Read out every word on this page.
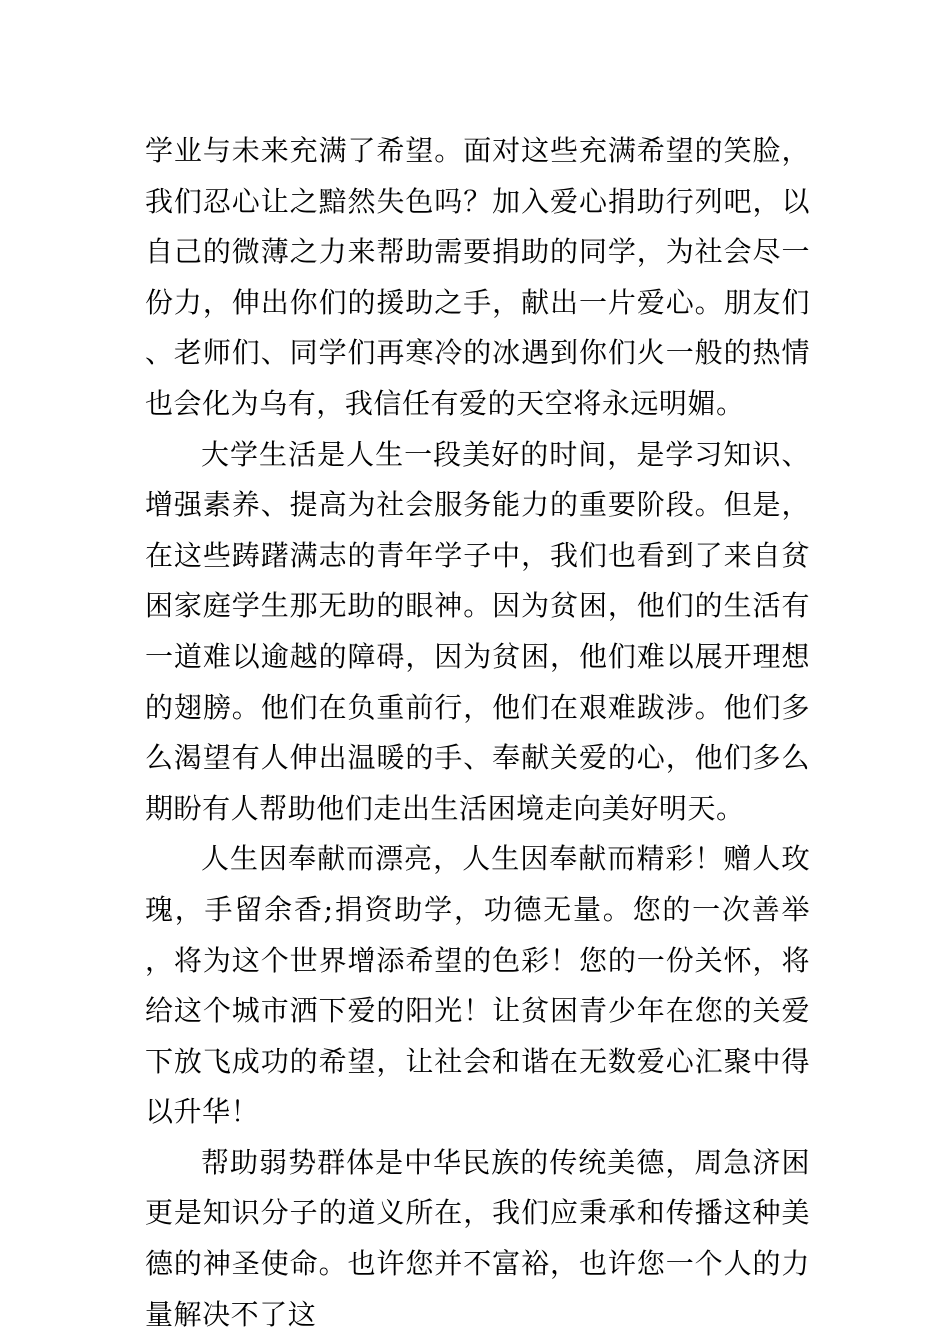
学业与未来充满了希望。面对这些充满希望的笑脸，我们忍心让之黯然失色吗？加入爱心捐助行列吧，以自己的微薄之力来帮助需要捐助的同学，为社会尽一份力，伸出你们的援助之手，献出一片爱心。朋友们、老师们、同学们再寒冷的冰遇到你们火一般的热情也会化为乌有，我信任有爱的天空将永远明媚。

大学生活是人生一段美好的时间，是学习知识、增强素养、提高为社会服务能力的重要阶段。但是，在这些踌躇满志的青年学子中，我们也看到了来自贫困家庭学生那无助的眼神。因为贫困，他们的生活有一道难以逾越的障碍，因为贫困，他们难以展开理想的翅膀。他们在负重前行，他们在艰难跋涉。他们多么渴望有人伸出温暖的手、奉献关爱的心，他们多么期盼有人帮助他们走出生活困境走向美好明天。

人生因奉献而漂亮，人生因奉献而精彩！赠人玫瑰，手留余香;捐资助学，功德无量。您的一次善举，将为这个世界增添希望的色彩！您的一份关怀，将给这个城市洒下爱的阳光！让贫困青少年在您的关爱下放飞成功的希望，让社会和谐在无数爱心汇聚中得以升华！

帮助弱势群体是中华民族的传统美德，周急济困更是知识分子的道义所在，我们应秉承和传播这种美德的神圣使命。也许您并不富裕，也许您一个人的力量解决不了这
